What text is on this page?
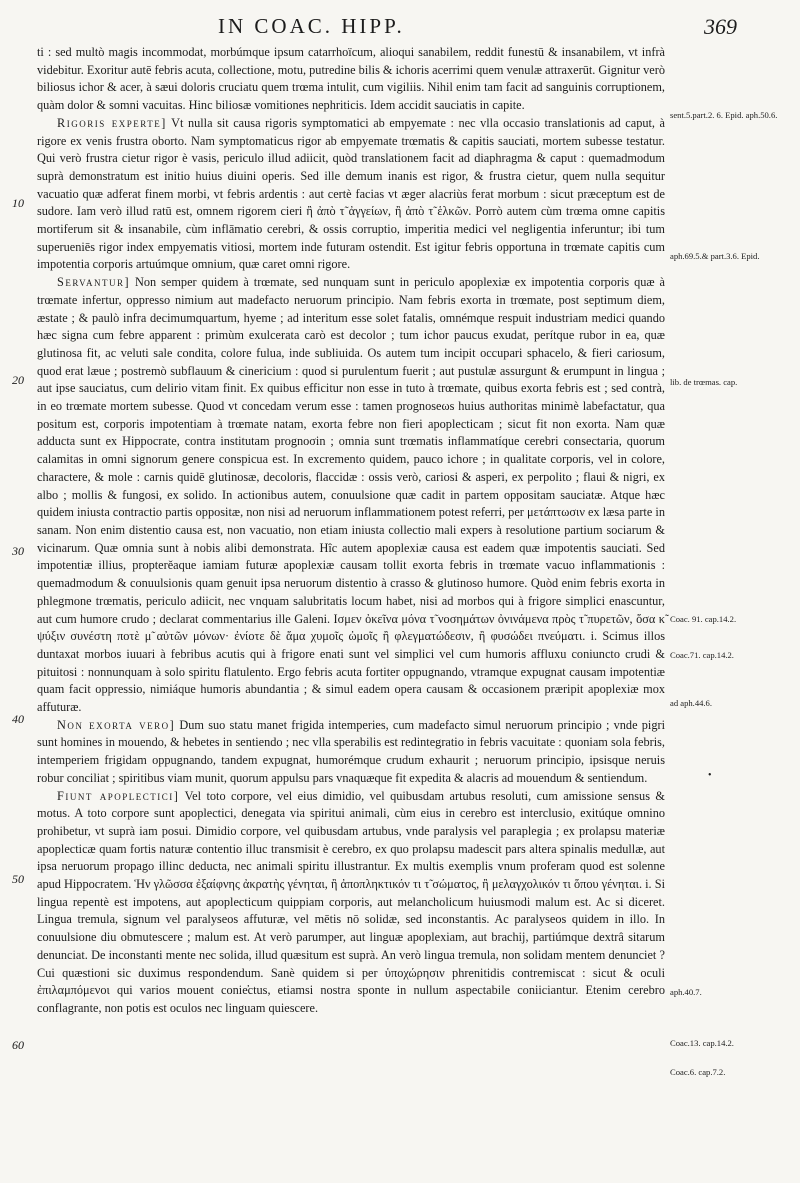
IN COAC. HIPP.	369
10
20
30
40
50
60

ti : sed multò magis incommodat, morbúmque ipsum catarrhoïcum, alioqui sanabilem, reddit funestū & insanabilem, vt infrà videbitur. Exoritur autē febris acuta, collectione, motu, putredine bilis & ichoris acerrimi quem venulæ attraxerūt. Gignitur verò biliosus ichor & acer, à sæui doloris cruciatu quem trœma intulit, cum vigiliis. Nihil enim tam facit ad sanguinis corruptionem, quàm dolor & somni vacuitas. Hinc biliosæ vomitiones nephriticis. Idem accidit sauciatis in capite.

Rigoris experte] Vt nulla sit causa rigoris symptomatici ab empyemate : nec vlla occasio translationis ad caput, à rigore ex venis frustra oborto. Nam symptomaticus rigor ab empyemate trœmatis & capitis sauciati, mortem subesse testatur. Qui verò frustra cietur rigor è vasis, periculo illud adiicit, quòd translationem facit ad diaphragma & caput : quemadmodum suprà demonstratum est initio huius diuini operis. Sed ille demum inanis est rigor, & frustra cietur, quem nulla sequitur vacuatio quæ adferat finem morbi, vt febris ardentis : aut certè facias vt æger alacriùs ferat morbum : sicut præceptum est de sudore. Iam verò illud ratū est, omnem rigorem cieri ἢ ἀπὸ τ̃ ἀγγείων, ἢ ἀπὸ τ̃ ἑλκῶν. Porrò autem cùm trœma omne capitis mortiferum sit & insanabile, cùm inflāmatio cerebri, & ossis corruptio, imperitia medici vel negligentia inferuntur; ibi tum superueniēs rigor index empyematis vitiosi, mortem inde futuram ostendit. Est igitur febris opportuna in trœmate capitis cum impotentia corporis artuúmque omnium, quæ caret omni rigore.

Servantur] Non semper quidem à trœmate, sed nunquam sunt in periculo apoplexiæ ex impotentia corporis quæ à trœmate infertur, oppresso nimium aut madefacto neruorum principio. Nam febris exorta in trœmate, post septimum diem, æstate ; & paulò infra decimumquartum, hyeme ; ad interitum esse solet fatalis, omnémque respuit industriam medici quando hæc signa cum febre apparent : primùm exulcerata carò est decolor ; tum ichor paucus exudat, perítque rubor in ea, quæ glutinosa fit, ac veluti sale condita, colore fulua, inde subliuida. Os autem tum incipit occupari sphacelo, & fieri cariosum, quod erat læue ; postremò subflauum & cinericium : quod si purulentum fuerit ; aut pustulæ assurgunt & erumpunt in lingua ; aut ipse sauciatus, cum delirio vitam finit. Ex quibus efficitur non esse in tuto à trœmate, quibus exorta febris est ; sed contrà, in eo trœmate mortem subesse. Quod vt concedam verum esse : tamen prognoseωs huius authoritas minimè labefactatur, qua positum est, corporis impotentiam à trœmate natam, exorta febre non fieri apoplecticam ; sicut fit non exorta. Nam quæ adducta sunt ex Hippocrate, contra institutam prognoσin ; omnia sunt trœmatis inflammatíque cerebri consectaria, quorum calamitas in omni signorum genere conspicua est. In excremento quidem, pauco ichore ; in qualitate corporis, vel in colore, charactere, & mole : carnis quidē glutinosæ, decoloris, flaccidæ : ossis verò, cariosi & asperi, ex perpolito ; flaui & nigri, ex albo ; mollis & fungosi, ex solido. In actionibus autem, conuulsione quæ cadit in partem oppositam sauciatæ. Atque hæc quidem iniusta contractio partis oppositæ, non nisi ad neruorum inflammationem potest referri, per μετάπτωσιν ex læsa parte in sanam. Non enim distentio causa est, non vacuatio, non etiam iniusta collectio mali expers à resolutione partium sociarum & vicinarum. Quæ omnia sunt à nobis alibi demonstrata. Hîc autem apoplexiæ causa est eadem quæ impotentis sauciati. Sed impotentiæ illius, propterěaque iamiam futuræ apoplexiæ causam tollit exorta febris in trœmate vacuo inflammationis : quemadmodum & conuulsionis quam genuit ipsa neruorum distentio à crasso & glutinoso humore. Quòd enim febris exorta in phlegmone trœmatis, periculo adiicit, nec vnquam salubritatis locum habet, nisi ad morbos qui à frigore simplici enascuntur, aut cum humore crudo ; declarat commentarius ille Galeni. Ισμεν ὀκεῖνα μόνα τ̃ νοσημάτων ὀνινάμενα πρὸς τ̃ πυρετῶν, ὅσα κ̃ ψύξιν συνέστη ποτὲ μ̃ αὐτῶν μόνων· ἐνίοτε δὲ ἅμα χυμοῖς ὠμοῖς ἢ φλεγματώδεσιν, ἢ φυσώδει πνεύματι. i. Scimus illos duntaxat morbos iuuari à febribus acutis qui à frigore enati sunt vel simplici vel cum humoris affluxu coniuncto crudi & pituitosi : nonnunquam à solo spiritu flatulento. Ergo febris acuta fortiter oppugnando, vtramque expugnat causam impotentiæ quam facit oppressio, nimiáque humoris abundantia ; & simul eadem opera causam & occasionem præripit apoplexiæ mox affuturæ.

Non exorta vero] Dum suo statu manet frigida intemperies, cum madefacto simul neruorum principio ; vnde pigri sunt homines in mouendo, & hebetes in sentiendo ; nec vlla sperabilis est redintegratio in febris vacuitate : quoniam sola febris, intemperiem frigidam oppugnando, tandem expugnat, humorémque crudum exhaurit ; neruorum principio, ipsisque neruis robur conciliat ; spiritibus viam munit, quorum appulsu pars vnaquæque fit expedita & alacris ad mouendum & sentiendum.

Fiunt apoplectici] Vel toto corpore, vel eius dimidio, vel quibusdam artubus resoluti, cum amissione sensus & motus. A toto corpore sunt apoplectici, denegata via spiritui animali, cùm eius in cerebro est interclusio, exitúque omnino prohibetur, vt suprà iam posui. Dimidio corpore, vel quibusdam artubus, vnde paralysis vel paraplegia ; ex prolapsu materiæ apoplecticæ quam fortis naturæ contentio illuc transmisit è cerebro, ex quo prolapsu madescit pars altera spinalis medullæ, aut ipsa neruorum propago illinc deducta, nec animali spiritu illustrantur. Ex multis exemplis vnum proferam quod est solenne apud Hippocratem. Ἡν γλῶσσα ἐξαίφνης ἀκρατὴς γένηται, ἢ ἀποπληκτικόν τι τ̃ σώματος, ἢ μελαγχολικόν τι ὅπου γένηται. i. Si lingua repentè est impotens, aut apoplecticum quippiam corporis, aut melancholicum huiusmodi malum est. Ac si diceret. Lingua tremula, signum vel paralyseos affuturæ, vel mētis nō solidæ, sed inconstantis. Ac paralyseos quidem in illo. In conuulsione diu obmutescere ; malum est. At verò parumper, aut linguæ apoplexiam, aut brachij, partiúmque dextrâ sitarum denunciat. De inconstanti mente nec solida, illud quæsitum est suprà. An verò lingua tremula, non solidam mentem denunciet ? Cui quæstioni sic duximus respondendum. Sanè quidem si per ὑποχώρησιν phrenitidis contremiscat : sicut & oculi ἐπιλαμπόμενοι qui varios mouent conie̕ctus, etiamsi nostra sponte in nullum aspectabile coniiciantur. Etenim cerebro conflagrante, non potis est oculos nec linguam quiescere.

sent.5.part.2. 6. Epid. aph.50.6.
aph.69.5.& part.3.6. Epid.
lib. de trœmas. cap.
Coac. 91. cap.14.2.
Coac.71. cap.14.2.
ad aph.44.6.
aph.40.7.
Coac.13. cap.14.2.
Coac.6. cap.7.2.
•
